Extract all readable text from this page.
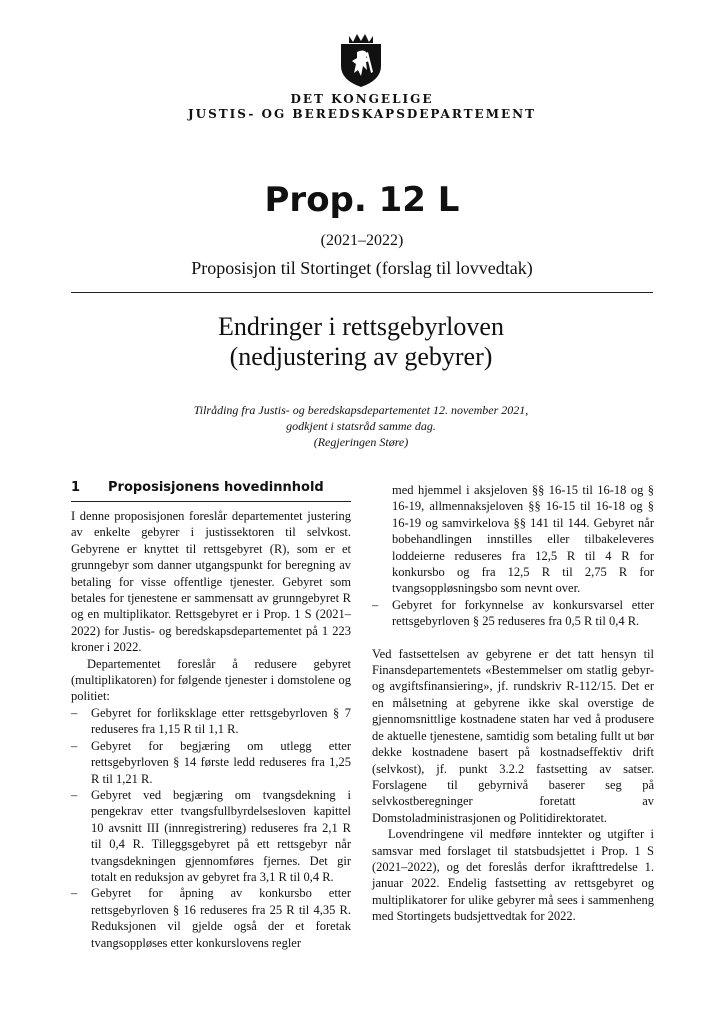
DET KONGELIGE
JUSTIS- OG BEREDSKAPSDEPARTEMENT
Prop. 12 L
(2021–2022)
Proposisjon til Stortinget (forslag til lovvedtak)
Endringer i rettsgebyrloven
(nedjustering av gebyrer)
Tilråding fra Justis- og beredskapsdepartementet 12. november 2021,
godkjent i statsråd samme dag.
(Regjeringen Støre)
1 Proposisjonens hovedinnhold

I denne proposisjonen foreslår departementet justering av enkelte gebyrer i justissektoren til selvkost. Gebyrene er knyttet til rettsgebyret (R), som er et grunngebyr som danner utgangspunkt for beregning av betaling for visse offentlige tjenester. Gebyret som betales for tjenestene er sammensatt av grunngebyret R og en multiplikator. Rettsgebyret er i Prop. 1 S (2021–2022) for Justis- og beredskapsdepartementet på 1 223 kroner i 2022.

Departementet foreslår å redusere gebyret (multiplikatoren) for følgende tjenester i domstolene og politiet:

– Gebyret for forliksklage etter rettsgebyrloven § 7 reduseres fra 1,15 R til 1,1 R.
– Gebyret for begjæring om utlegg etter rettsgebyrloven § 14 første ledd reduseres fra 1,25 R til 1,21 R.
– Gebyret ved begjæring om tvangsdekning i pengekrav etter tvangsfullbyrdelsesloven kapittel 10 avsnitt III (innregistrering) reduseres fra 2,1 R til 0,4 R. Tilleggsgebyret på ett rettsgebyr når tvangsdekningen gjennomføres fjernes. Det gir totalt en reduksjon av gebyret fra 3,1 R til 0,4 R.
– Gebyret for åpning av konkursbo etter rettsgebyrloven § 16 reduseres fra 25 R til 4,35 R. Reduksjonen vil gjelde også der et foretak tvangsoppløses etter konkurslovens regler

med hjemmel i aksjeloven §§ 16-15 til 16-18 og § 16-19, allmennaksjeloven §§ 16-15 til 16-18 og § 16-19 og samvirkelova §§ 141 til 144. Gebyret når bobehandlingen innstilles eller tilbakeleveres loddeierne reduseres fra 12,5 R til 4 R for konkursbo og fra 12,5 R til 2,75 R for tvangsoppløsningsbo som nevnt over.

– Gebyret for forkynnelse av konkursvarsel etter rettsgebyrloven § 25 reduseres fra 0,5 R til 0,4 R.

Ved fastsettelsen av gebyrene er det tatt hensyn til Finansdepartementets «Bestemmelser om statlig gebyr- og avgiftsfinansiering», jf. rundskriv R-112/15. Det er en målsetning at gebyrene ikke skal overstige de gjennomsnittlige kostnadene staten har ved å produsere de aktuelle tjenestene, samtidig som betaling fullt ut bør dekke kostnadene basert på kostnadseffektiv drift (selvkost), jf. punkt 3.2.2 fastsetting av satser. Forslagene til gebyrnivå baserer seg på selvkostberegninger foretatt av Domstoladministrasjonen og Politidirektoratet.

Lovendringene vil medføre inntekter og utgifter i samsvar med forslaget til statsbudsjettet i Prop. 1 S (2021–2022), og det foreslås derfor ikrafttredelse 1. januar 2022. Endelig fastsetting av rettsgebyret og multiplikatorer for ulike gebyrer må sees i sammenheng med Stortingets budsjettvedtak for 2022.
